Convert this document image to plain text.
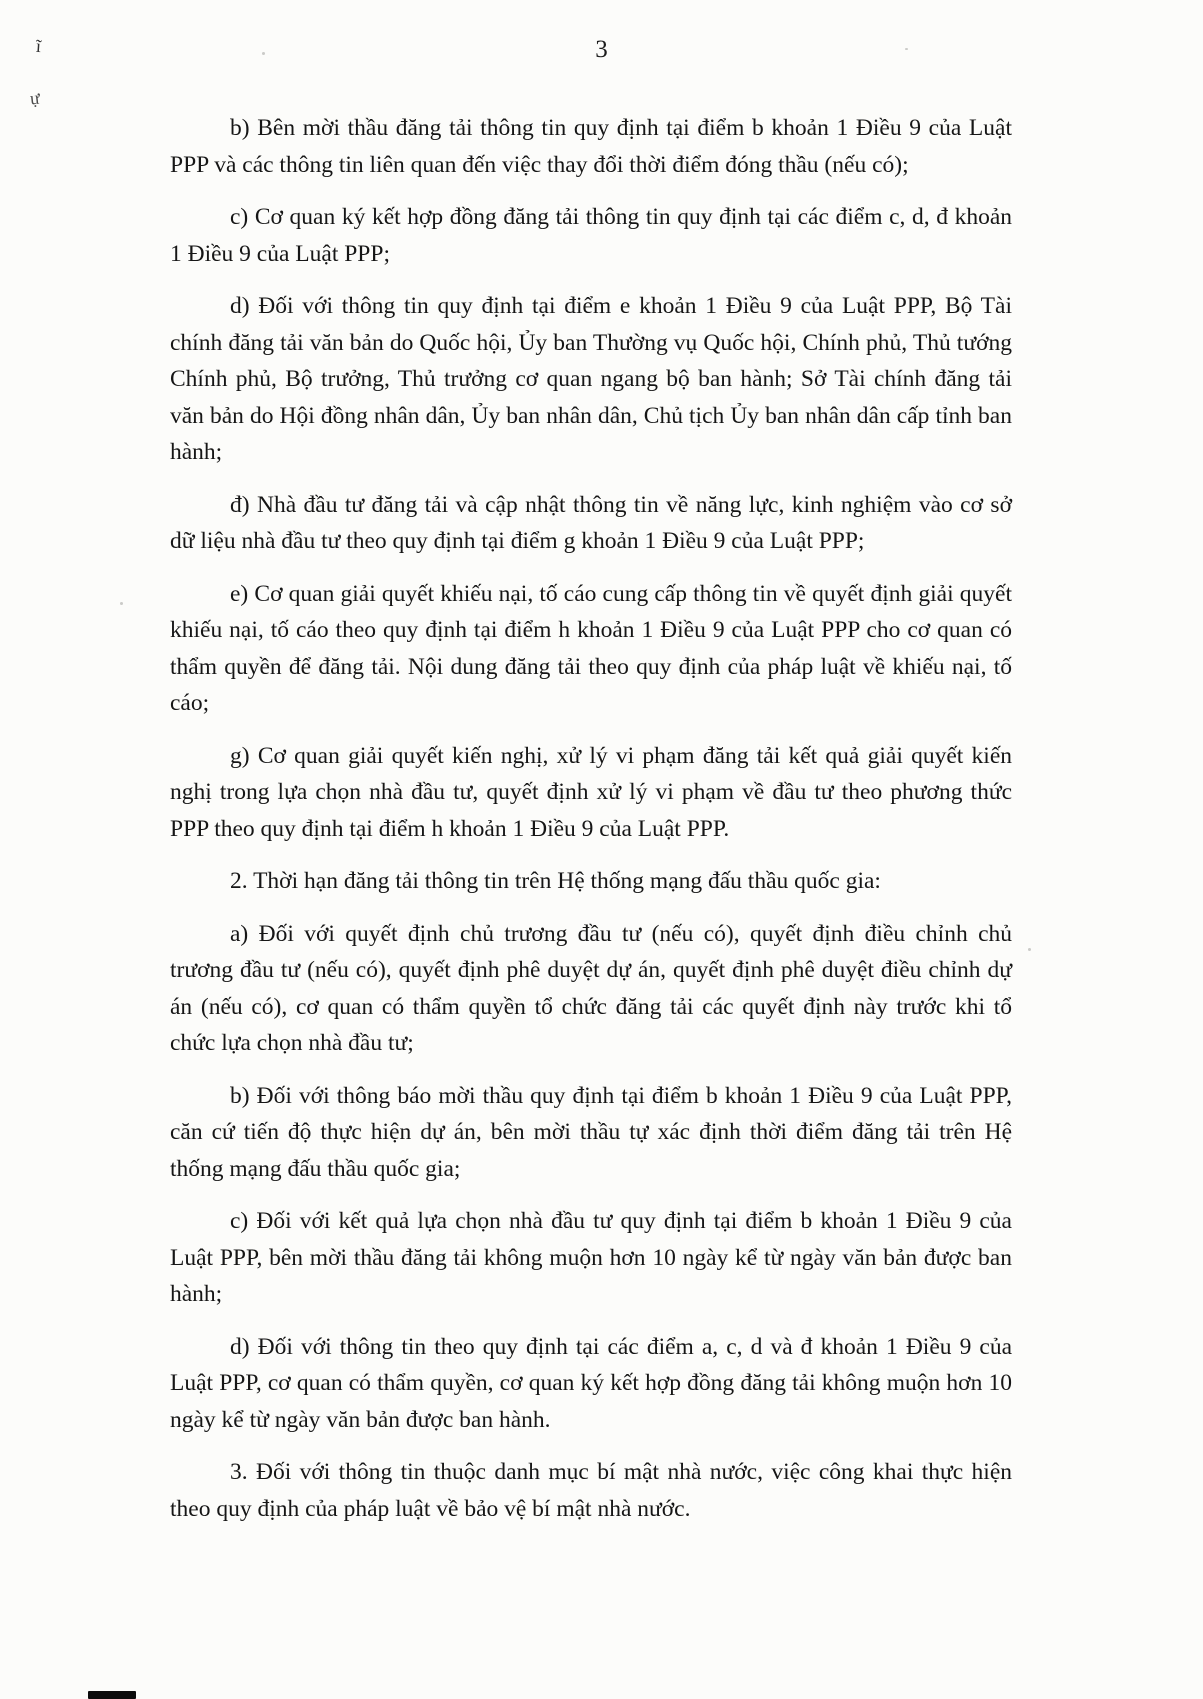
3
ĩ
ự

b) Bên mời thầu đăng tải thông tin quy định tại điểm b khoản 1 Điều 9 của Luật PPP và các thông tin liên quan đến việc thay đổi thời điểm đóng thầu (nếu có);

c) Cơ quan ký kết hợp đồng đăng tải thông tin quy định tại các điểm c, d, đ khoản 1 Điều 9 của Luật PPP;

d) Đối với thông tin quy định tại điểm e khoản 1 Điều 9 của Luật PPP, Bộ Tài chính đăng tải văn bản do Quốc hội, Ủy ban Thường vụ Quốc hội, Chính phủ, Thủ tướng Chính phủ, Bộ trưởng, Thủ trưởng cơ quan ngang bộ ban hành; Sở Tài chính đăng tải văn bản do Hội đồng nhân dân, Ủy ban nhân dân, Chủ tịch Ủy ban nhân dân cấp tỉnh ban hành;

đ) Nhà đầu tư đăng tải và cập nhật thông tin về năng lực, kinh nghiệm vào cơ sở dữ liệu nhà đầu tư theo quy định tại điểm g khoản 1 Điều 9 của Luật PPP;

e) Cơ quan giải quyết khiếu nại, tố cáo cung cấp thông tin về quyết định giải quyết khiếu nại, tố cáo theo quy định tại điểm h khoản 1 Điều 9 của Luật PPP cho cơ quan có thẩm quyền để đăng tải. Nội dung đăng tải theo quy định của pháp luật về khiếu nại, tố cáo;

g) Cơ quan giải quyết kiến nghị, xử lý vi phạm đăng tải kết quả giải quyết kiến nghị trong lựa chọn nhà đầu tư, quyết định xử lý vi phạm về đầu tư theo phương thức PPP theo quy định tại điểm h khoản 1 Điều 9 của Luật PPP.

2. Thời hạn đăng tải thông tin trên Hệ thống mạng đấu thầu quốc gia:

a) Đối với quyết định chủ trương đầu tư (nếu có), quyết định điều chỉnh chủ trương đầu tư (nếu có), quyết định phê duyệt dự án, quyết định phê duyệt điều chỉnh dự án (nếu có), cơ quan có thẩm quyền tổ chức đăng tải các quyết định này trước khi tổ chức lựa chọn nhà đầu tư;

b) Đối với thông báo mời thầu quy định tại điểm b khoản 1 Điều 9 của Luật PPP, căn cứ tiến độ thực hiện dự án, bên mời thầu tự xác định thời điểm đăng tải trên Hệ thống mạng đấu thầu quốc gia;

c) Đối với kết quả lựa chọn nhà đầu tư quy định tại điểm b khoản 1 Điều 9 của Luật PPP, bên mời thầu đăng tải không muộn hơn 10 ngày kể từ ngày văn bản được ban hành;

d) Đối với thông tin theo quy định tại các điểm a, c, d và đ khoản 1 Điều 9 của Luật PPP, cơ quan có thẩm quyền, cơ quan ký kết hợp đồng đăng tải không muộn hơn 10 ngày kể từ ngày văn bản được ban hành.

3. Đối với thông tin thuộc danh mục bí mật nhà nước, việc công khai thực hiện theo quy định của pháp luật về bảo vệ bí mật nhà nước.
